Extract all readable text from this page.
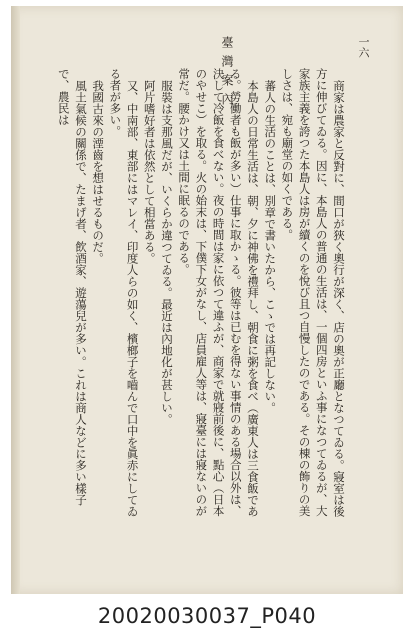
臺灣案內	一六

商家は農家と反對に、間口が狹く奧行が深く、店の奧が正廳となつてゐる。寢室は後方に伸びてゐる。因に、本島人の普通の生活は、一個四房といふ事になつてゐるが、大家族主義を誇つた本島人は房が續くのを悅び且つ自慢したのである。その棟の飾りの美しさは、宛も廟堂の如くである。

蕃人の生活のことは、別章で書いたから、こゝでは再記しない。

本島人の日常生活は、朝、夕に神佛を禮拜し、朝食に粥を食べ（廣東人は三食飯である。勞働者も飯が多い）仕事に取かゝる。彼等は已むを得ない事情のある場合以外は、決して冷飯を食べない。夜の時間は家に依つて違ふが、商家で就寢前後に、點心（日本のやせこ）を取る。火の始末は、下僕下女がなし、店員雇人等は、寢臺には寢ないのが常だ。腰かけ又は土間に眠るのである。

服裝は支那風だが、いくらか違つてゐる。最近は內地化が甚しい。

阿片嗜好者は依然として相當ある。

又、中南部、東部にはマレイ、印度人らの如く、檳榔子を嚙んで口中を眞赤にしてゐる者が多い。

我國古來の湮齒を想はせるものだ。

風土氣候の關係で、たまげ者、飲酒家、遊蕩兒が多い。これは商人などに多い樣子で、農民は

20020030037_P040
